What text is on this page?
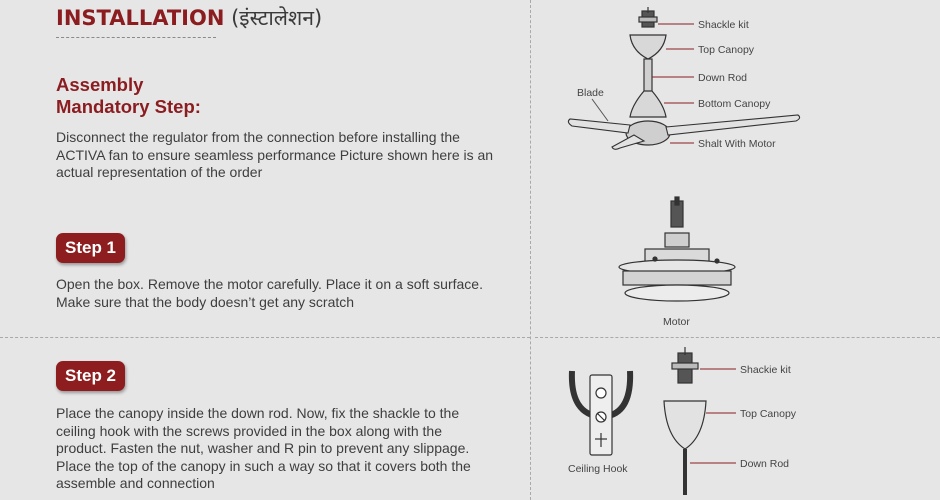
INSTALLATION (इंस्टालेशन)
Assembly
Mandatory Step:
Disconnect the regulator from the connection before installing the ACTIVA fan to ensure seamless performance Picture shown here is an actual representation of the order
Step 1
Open the box. Remove the motor carefully. Place it on a soft surface. Make sure that the body doesn’t get any scratch
Step 2
Place the canopy inside the down rod. Now, fix the shackle to the ceiling hook with the screws provided in the box along with the product. Fasten the nut, washer and R pin to prevent any slippage. Place the top of the canopy in such a way so that it covers both the assemble and connection
Shackle kit
Top Canopy
Down Rod
Bottom Canopy
Shalt With Motor
Blade
Motor
Ceiling Hook
Shackie kit
Top Canopy
Down Rod
